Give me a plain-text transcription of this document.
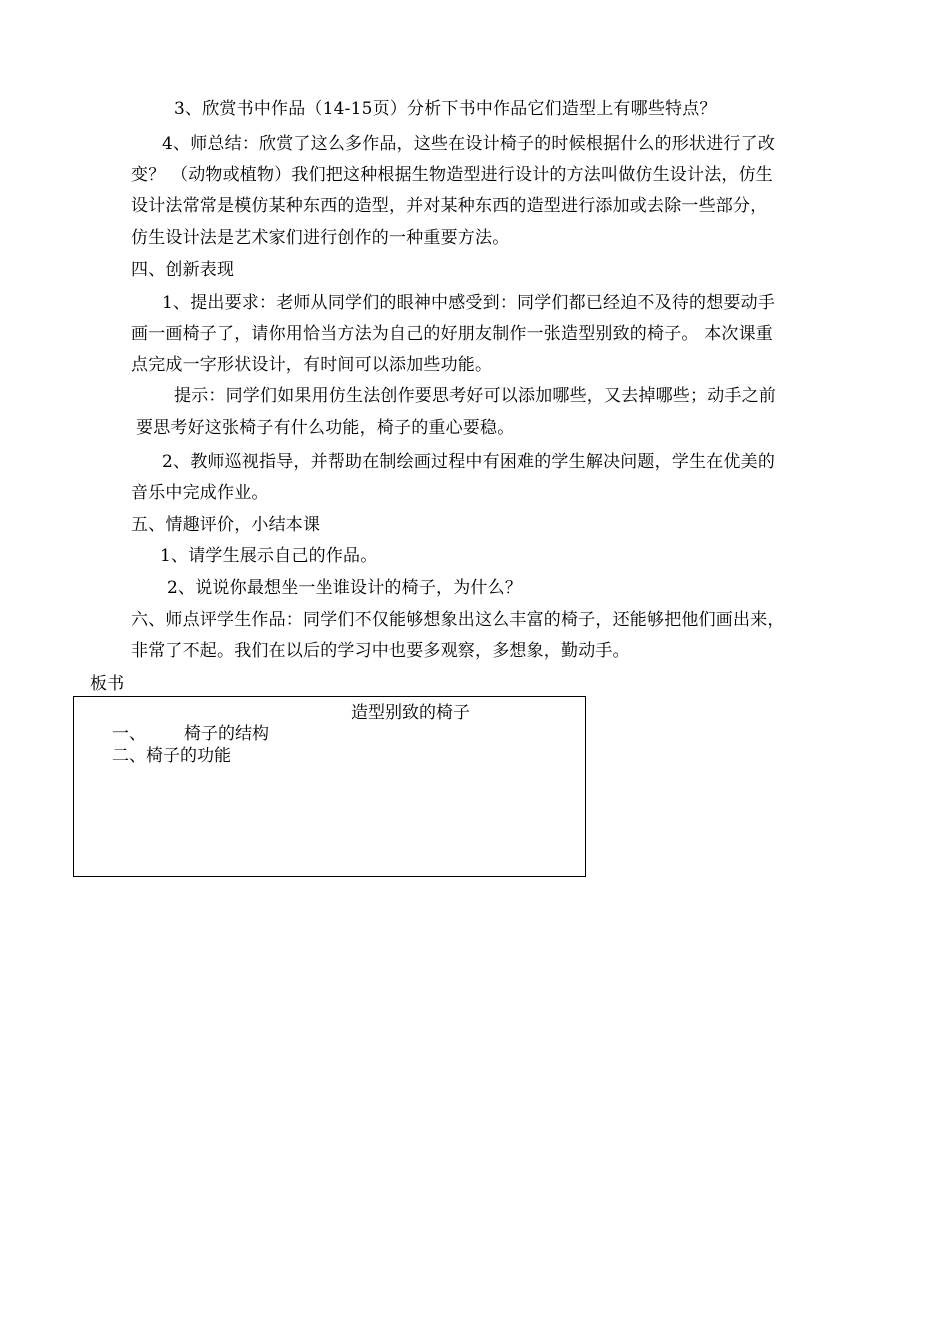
3、欣赏书中作品（14-15页）分析下书中作品它们造型上有哪些特点？
4、师总结：欣赏了这么多作品，这些在设计椅子的时候根据什么的形状进行了改
变？ （动物或植物）我们把这种根据生物造型进行设计的方法叫做仿生设计法，仿生
设计法常常是模仿某种东西的造型，并对某种东西的造型进行添加或去除一些部分，
仿生设计法是艺术家们进行创作的一种重要方法。
四、创新表现
1、提出要求：老师从同学们的眼神中感受到：同学们都已经迫不及待的想要动手
画一画椅子了，请你用恰当方法为自己的好朋友制作一张造型别致的椅子。 本次课重
点完成一字形状设计，有时间可以添加些功能。
提示：同学们如果用仿生法创作要思考好可以添加哪些，又去掉哪些；动手之前
要思考好这张椅子有什么功能，椅子的重心要稳。
2、教师巡视指导，并帮助在制绘画过程中有困难的学生解决问题，学生在优美的
音乐中完成作业。
五、情趣评价，小结本课
1、请学生展示自己的作品。
2、说说你最想坐一坐谁设计的椅子，为什么？
六、师点评学生作品：同学们不仅能够想象出这么丰富的椅子，还能够把他们画出来，
非常了不起。我们在以后的学习中也要多观察，多想象，勤动手。
板书
造型别致的椅子
一、 椅子的结构
二、椅子的功能
